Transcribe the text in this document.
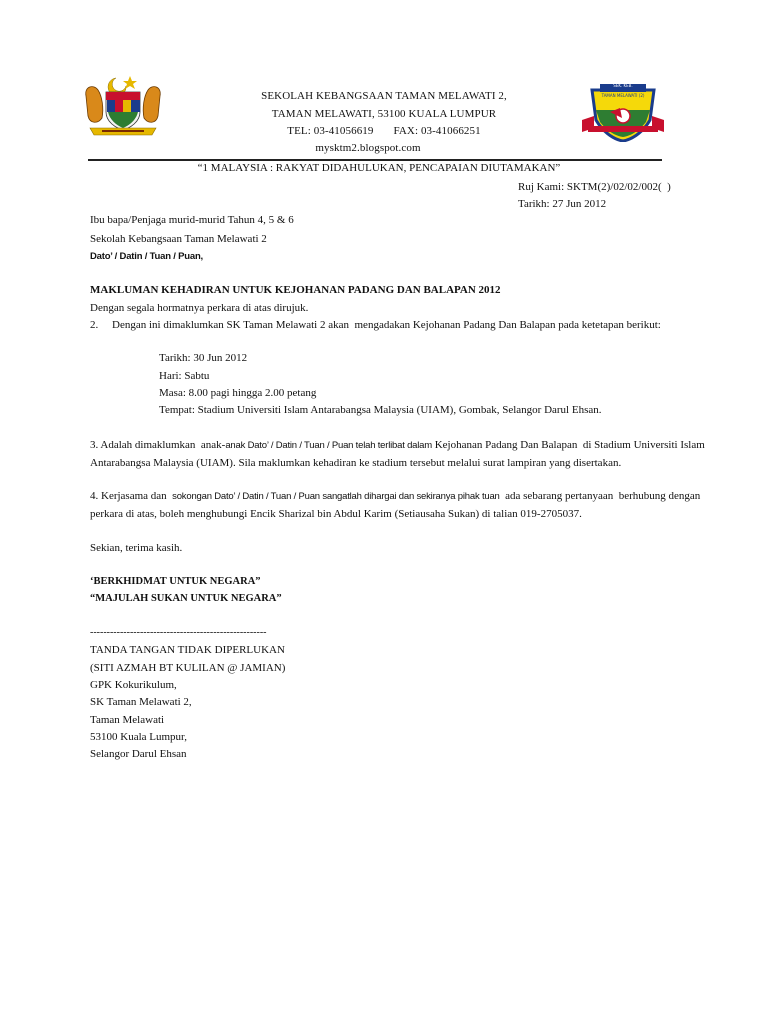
SEK. KEB.
TAMAN MELAWATI (2)
SEKOLAH KEBANGSAAN TAMAN MELAWATI 2,
TAMAN MELAWATI, 53100 KUALA LUMPUR
TEL: 03-41056619       FAX: 03-41066251
mysktm2.blogspot.com
“1 MALAYSIA : RAKYAT DIDAHULUKAN, PENCAPAIAN DIUTAMAKAN”
Ruj Kami: SKTM(2)/02/02/002(  )
Tarikh: 27 Jun 2012
Ibu bapa/Penjaga murid-murid Tahun 4, 5 & 6
Sekolah Kebangsaan Taman Melawati 2
Dato’ / Datin / Tuan / Puan,
MAKLUMAN KEHADIRAN UNTUK KEJOHANAN PADANG DAN BALAPAN 2012
Dengan segala hormatnya perkara di atas dirujuk.
2.     Dengan ini dimaklumkan SK Taman Melawati 2 akan  mengadakan Kejohanan Padang Dan Balapan pada ketetapan berikut:
Tarikh: 30 Jun 2012
Hari: Sabtu
Masa: 8.00 pagi hingga 2.00 petang
Tempat: Stadium Universiti Islam Antarabangsa Malaysia (UIAM), Gombak, Selangor Darul Ehsan.
3. Adalah dimaklumkan  anak-anak Dato’ / Datin / Tuan / Puan telah terlibat dalam Kejohanan Padang Dan Balapan  di Stadium Universiti Islam
Antarabangsa Malaysia (UIAM). Sila maklumkan kehadiran ke stadium tersebut melalui surat lampiran yang disertakan.
4. Kerjasama dan  sokongan Dato’ / Datin / Tuan / Puan sangatlah dihargai dan sekiranya pihak tuan  ada sebarang pertanyaan  berhubung dengan
perkara di atas, boleh menghubungi Encik Sharizal bin Abdul Karim (Setiausaha Sukan) di talian 019-2705037.
Sekian, terima kasih.
‘BERKHIDMAT UNTUK NEGARA”
“MAJULAH SUKAN UNTUK NEGARA”
-----------------------------------------------------
TANDA TANGAN TIDAK DIPERLUKAN
(SITI AZMAH BT KULILAN @ JAMIAN)
GPK Kokurikulum,
SK Taman Melawati 2,
Taman Melawati
53100 Kuala Lumpur,
Selangor Darul Ehsan
